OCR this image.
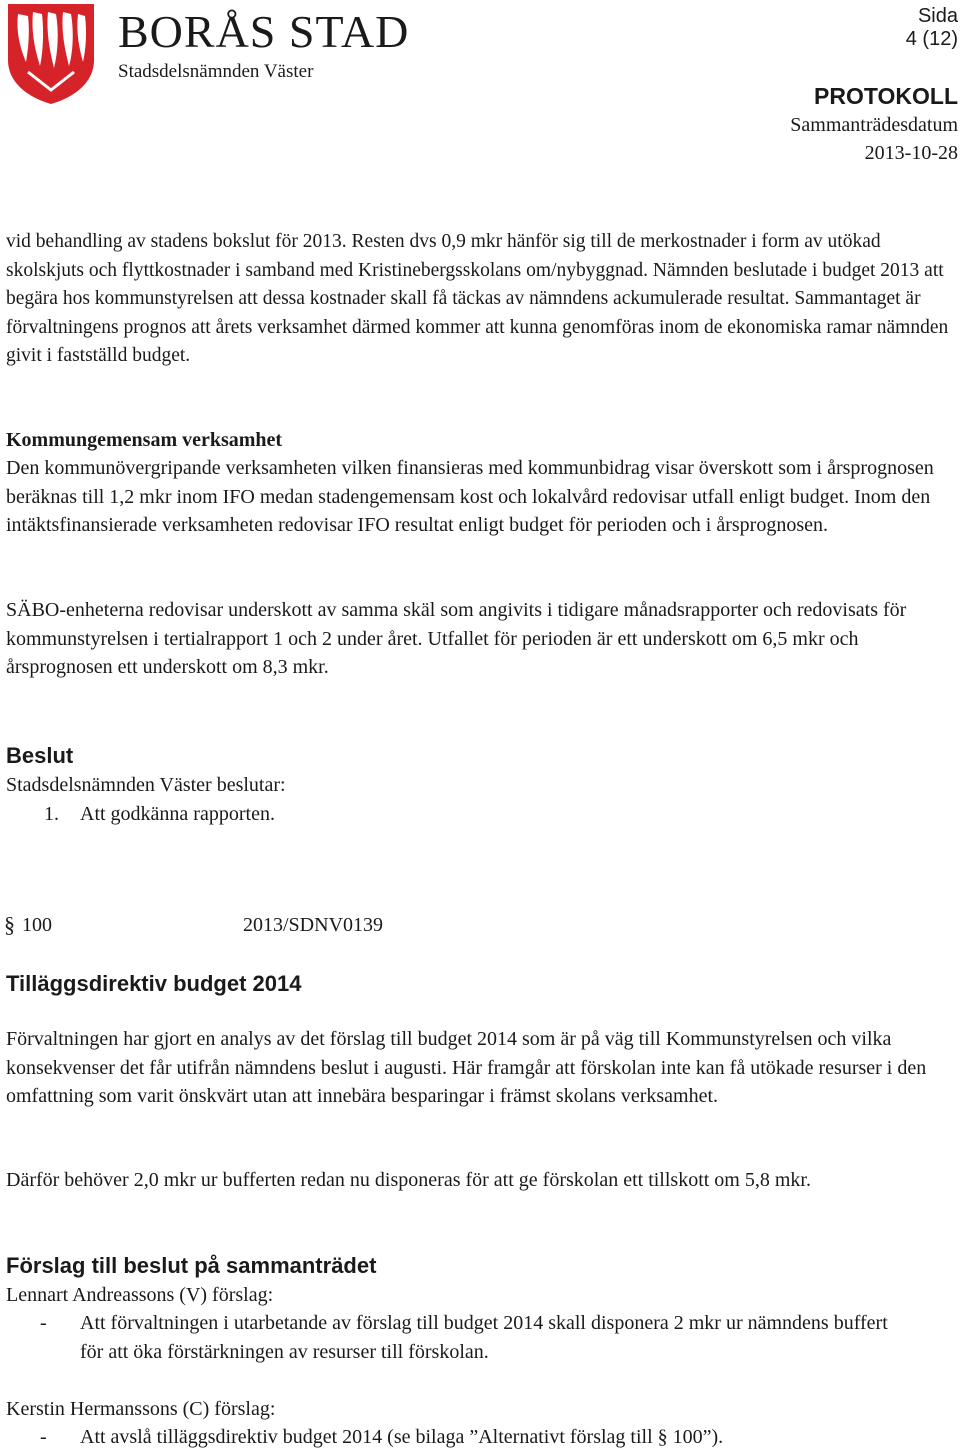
BORÅS STAD
Stadsdelsnämnden Väster
Sida
4 (12)
PROTOKOLL
Sammanträdesdatum
2013-10-28

vid behandling av stadens bokslut för 2013. Resten dvs 0,9 mkr hänför sig till de merkostnader i form av utökad skolskjuts och flyttkostnader i samband med Kristinebergsskolans om/nybyggnad. Nämnden beslutade i budget 2013 att begära hos kommunstyrelsen att dessa kostnader skall få täckas av nämndens ackumulerade resultat. Sammantaget är förvaltningens prognos att årets verksamhet därmed kommer att kunna genomföras inom de ekonomiska ramar nämnden givit i fastställd budget.

Kommungemensam verksamhet

Den kommunövergripande verksamheten vilken finansieras med kommunbidrag visar överskott som i årsprognosen beräknas till 1,2 mkr inom IFO medan stadengemensam kost och lokalvård redovisar utfall enligt budget. Inom den intäktsfinansierade verksamheten redovisar IFO resultat enligt budget för perioden och i årsprognosen.

SÄBO-enheterna redovisar underskott av samma skäl som angivits i tidigare månadsrapporter och redovisats för kommunstyrelsen i tertialrapport 1 och 2 under året. Utfallet för perioden är ett underskott om 6,5 mkr och årsprognosen ett underskott om 8,3 mkr.

Beslut
Stadsdelsnämnden Väster beslutar:
1. Att godkänna rapporten.
§ 100	2013/SDNV0139
Tilläggsdirektiv budget 2014

Förvaltningen har gjort en analys av det förslag till budget 2014 som är på väg till Kommunstyrelsen och vilka konsekvenser det får utifrån nämndens beslut i augusti. Här framgår att förskolan inte kan få utökade resurser i den omfattning som varit önskvärt utan att innebära besparingar i främst skolans verksamhet.

Därför behöver 2,0 mkr ur bufferten redan nu disponeras för att ge förskolan ett tillskott om 5,8 mkr.

Förslag till beslut på sammanträdet
Lennart Andreassons (V) förslag:
- Att förvaltningen i utarbetande av förslag till budget 2014 skall disponera 2 mkr ur nämndens buffert för att öka förstärkningen av resurser till förskolan.

Kerstin Hermanssons (C) förslag:
- Att avslå tilläggsdirektiv budget 2014 (se bilaga ”Alternativt förslag till § 100”).
